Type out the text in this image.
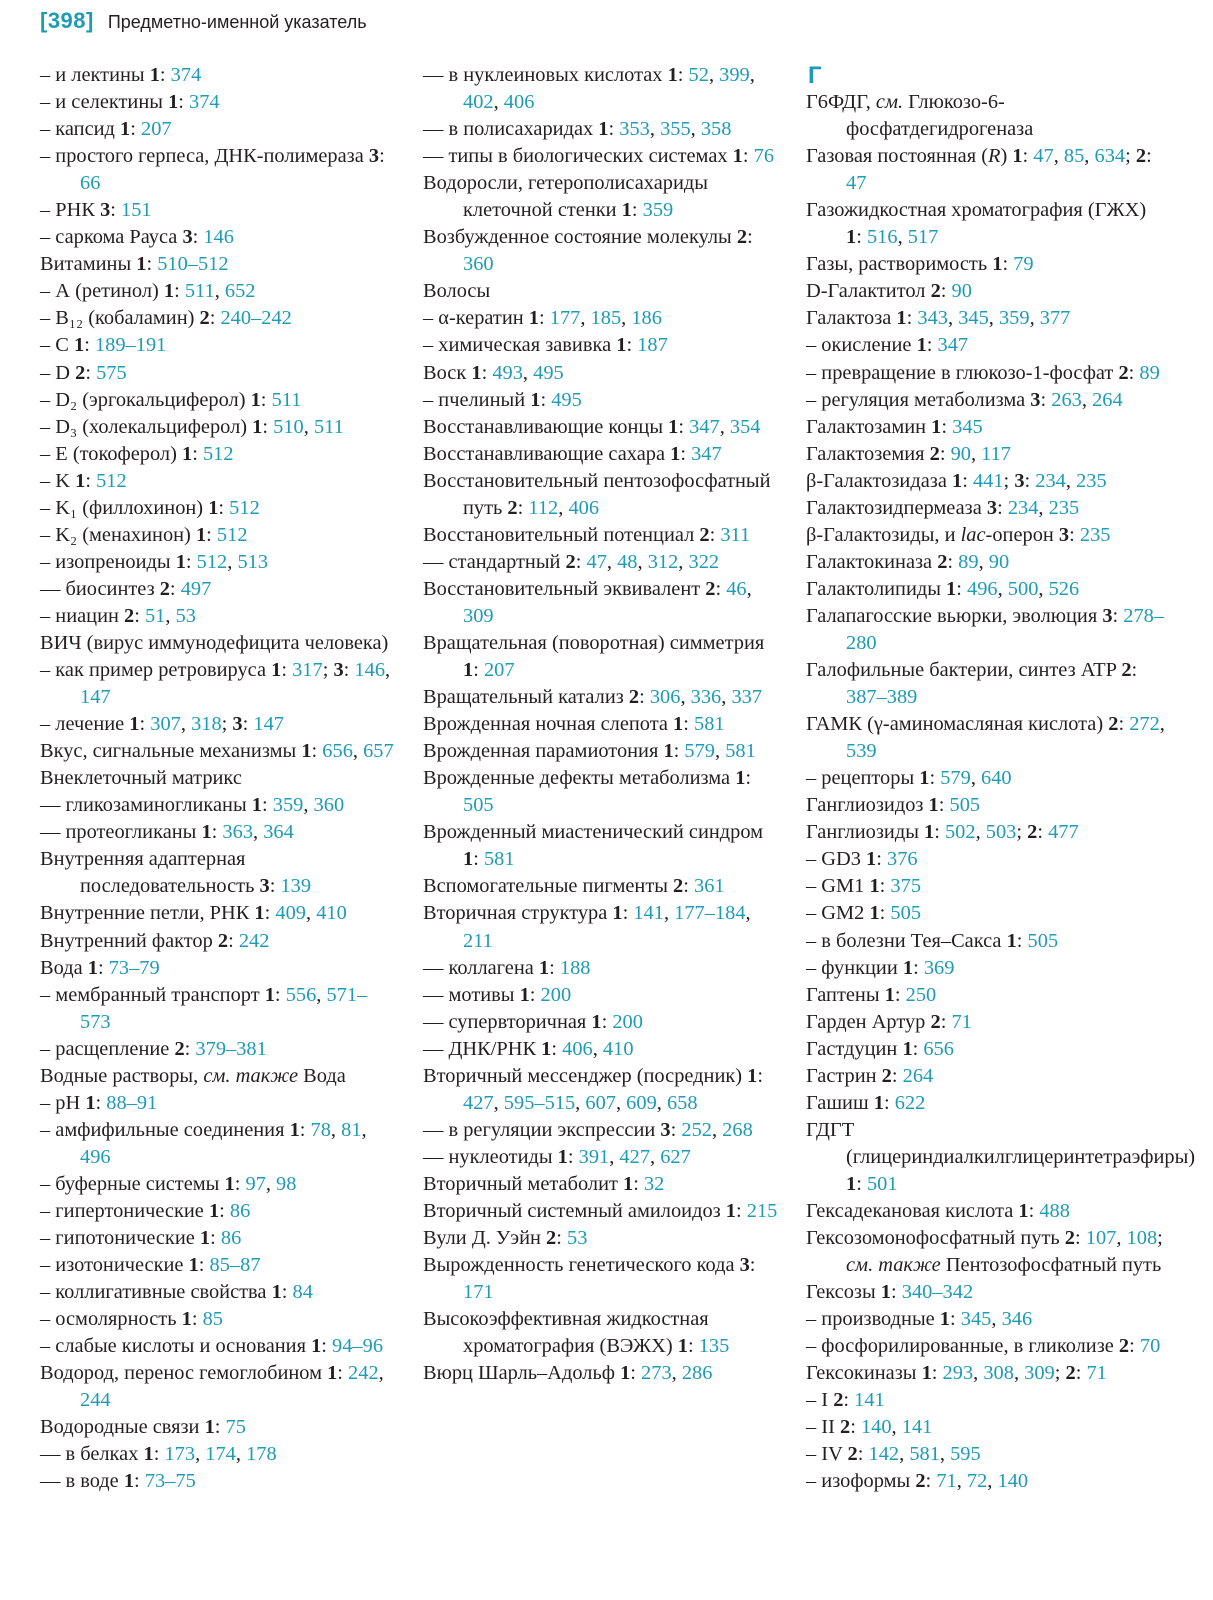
[398] Предметно-именной указатель
– и лектины 1: 374
– и селектины 1: 374
– капсид 1: 207
– простого герпеса, ДНК-полимераза 3: 66
– РНК 3: 151
– саркома Рауса 3: 146
Витамины 1: 510–512
– А (ретинол) 1: 511, 652
– B₁₂ (кобаламин) 2: 240–242
– C 1: 189–191
– D 2: 575
– D₂ (эргокальциферол) 1: 511
– D₃ (холекальциферол) 1: 510, 511
– E (токоферол) 1: 512
– K 1: 512
– K₁ (филлохинон) 1: 512
– K₂ (менахинон) 1: 512
– изопреноиды 1: 512, 513
–– биосинтез 2: 497
– ниацин 2: 51, 53
ВИЧ (вирус иммунодефицита человека)
– как пример ретровируса 1: 317; 3: 146, 147
– лечение 1: 307, 318; 3: 147
Вкус, сигнальные механизмы 1: 656, 657
Внеклеточный матрикс
–– гликозаминогликаны 1: 359, 360
–– протеогликаны 1: 363, 364
Внутренняя адаптерная последовательность 3: 139
Внутренние петли, РНК 1: 409, 410
Внутренний фактор 2: 242
Вода 1: 73–79
– мембранный транспорт 1: 556, 571–573
– расщепление 2: 379–381
Водные растворы, см. также Вода
– pH 1: 88–91
– амфифильные соединения 1: 78, 81, 496
– буферные системы 1: 97, 98
– гипертонические 1: 86
– гипотонические 1: 86
– изотонические 1: 85–87
– коллигативные свойства 1: 84
– осмолярность 1: 85
– слабые кислоты и основания 1: 94–96
Водород, перенос гемоглобином 1: 242, 244
Водородные связи 1: 75
–– в белках 1: 173, 174, 178
–– в воде 1: 73–75
–– в нуклеиновых кислотах 1: 52, 399, 402, 406
–– в полисахаридах 1: 353, 355, 358
–– типы в биологических системах 1: 76
Водоросли, гетерополисахариды клеточной стенки 1: 359
Возбужденное состояние молекулы 2: 360
Волосы
– α-кератин 1: 177, 185, 186
– химическая завивка 1: 187
Воск 1: 493, 495
– пчелиный 1: 495
Восстанавливающие концы 1: 347, 354
Восстанавливающие сахара 1: 347
Восстановительный пентозофосфатный путь 2: 112, 406
Восстановительный потенциал 2: 311
–– стандартный 2: 47, 48, 312, 322
Восстановительный эквивалент 2: 46, 309
Вращательная (поворотная) симметрия 1: 207
Вращательный катализ 2: 306, 336, 337
Врожденная ночная слепота 1: 581
Врожденная парамиотония 1: 579, 581
Врожденные дефекты метаболизма 1: 505
Врожденный миастенический синдром 1: 581
Вспомогательные пигменты 2: 361
Вторичная структура 1: 141, 177–184, 211
–– коллагена 1: 188
–– мотивы 1: 200
–– супервторичная 1: 200
–– ДНК/РНК 1: 406, 410
Вторичный мессенджер (посредник) 1: 427, 595–515, 607, 609, 658
–– в регуляции экспрессии 3: 252, 268
–– нуклеотиды 1: 391, 427, 627
Вторичный метаболит 1: 32
Вторичный системный амилоидоз 1: 215
Вули Д. Уэйн 2: 53
Вырожденность генетического кода 3: 171
Высокоэффективная жидкостная хроматография (ВЭЖХ) 1: 135
Вюрц Шарль–Адольф 1: 273, 286
Г
Г6ФДГ, см. Глюкозо-6-фосфатдегидрогеназа
Газовая постоянная (R) 1: 47, 85, 634; 2: 47
Газожидкостная хроматография (ГЖХ) 1: 516, 517
Газы, растворимость 1: 79
D-Галактитол 2: 90
Галактоза 1: 343, 345, 359, 377
– окисление 1: 347
– превращение в глюкозо-1-фосфат 2: 89
– регуляция метаболизма 3: 263, 264
Галактозамин 1: 345
Галактоземия 2: 90, 117
β-Галактозидаза 1: 441; 3: 234, 235
Галактозидпермеаза 3: 234, 235
β-Галактозиды, и lac-оперон 3: 235
Галактокиназа 2: 89, 90
Галактолипиды 1: 496, 500, 526
Галапагосские вьюрки, эволюция 3: 278–280
Галофильные бактерии, синтез ATP 2: 387–389
ГАМК (γ-аминомасляная кислота) 2: 272, 539
– рецепторы 1: 579, 640
Ганглиозидоз 1: 505
Ганглиозиды 1: 502, 503; 2: 477
– GD3 1: 376
– GM1 1: 375
– GM2 1: 505
– в болезни Тея–Сакса 1: 505
– функции 1: 369
Гаптены 1: 250
Гарден Артур 2: 71
Гастдуцин 1: 656
Гастрин 2: 264
Гашиш 1: 622
ГДГТ (глицериндиалкилглицеринтетраэфиры) 1: 501
Гексадекановая кислота 1: 488
Гексозомонофосфатный путь 2: 107, 108; см. также Пентозофосфатный путь
Гексозы 1: 340–342
– производные 1: 345, 346
– фосфорилированные, в гликолизе 2: 70
Гексокиназы 1: 293, 308, 309; 2: 71
– I 2: 141
– II 2: 140, 141
– IV 2: 142, 581, 595
– изоформы 2: 71, 72, 140
